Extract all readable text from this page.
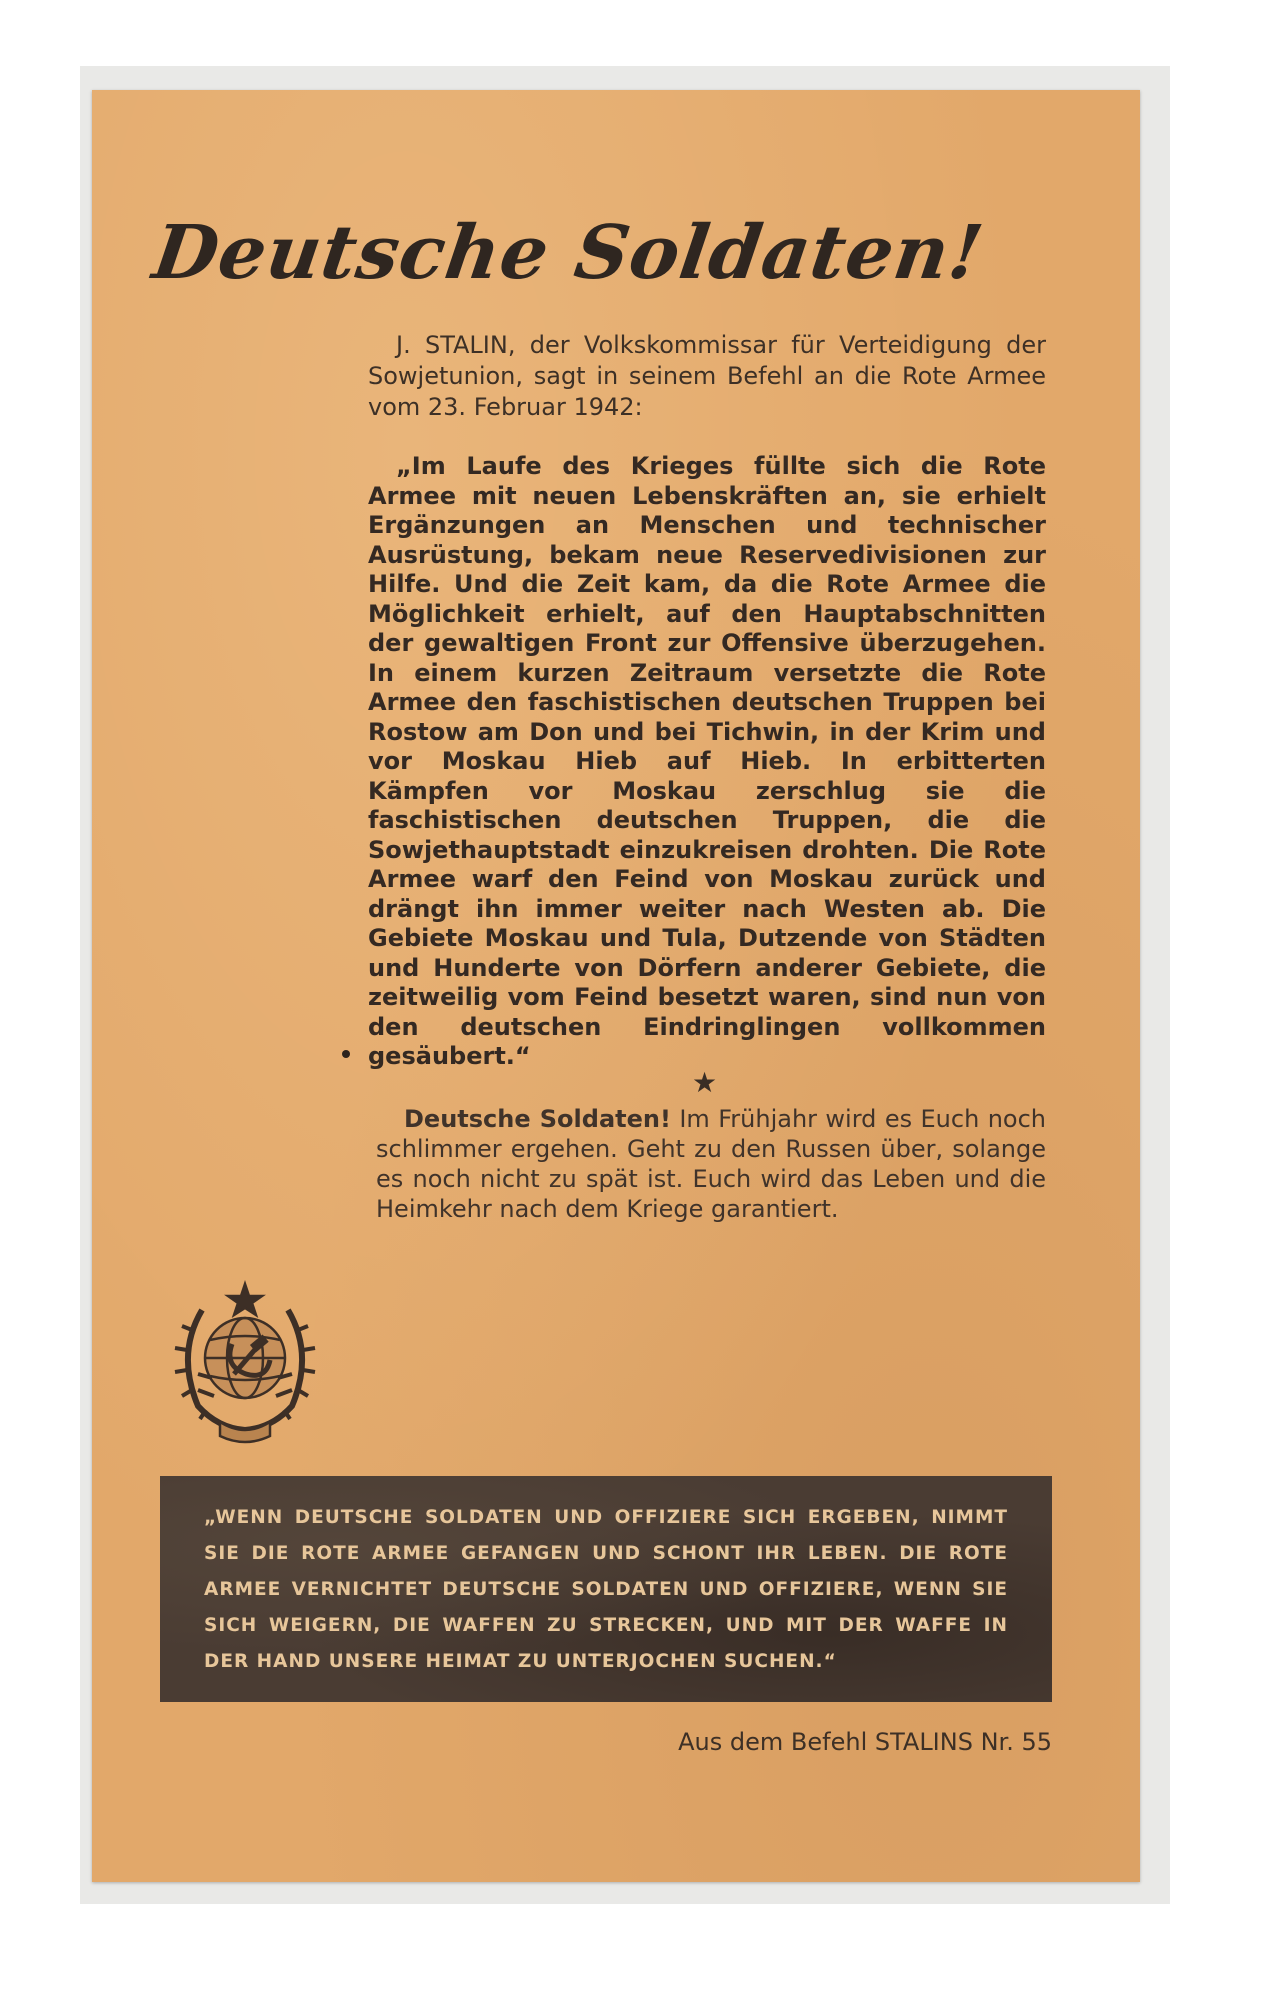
Deutsche Soldaten!

J. STALIN, der Volkskommissar für Verteidigung der Sowjetunion, sagt in seinem Befehl an die Rote Armee vom 23. Februar 1942:

„Im Laufe des Krieges füllte sich die Rote Armee mit neuen Lebenskräften an, sie erhielt Ergänzungen an Menschen und technischer Ausrüstung, bekam neue Reservedivisionen zur Hilfe. Und die Zeit kam, da die Rote Armee die Möglichkeit erhielt, auf den Hauptabschnitten der gewaltigen Front zur Offensive überzugehen. In einem kurzen Zeitraum versetzte die Rote Armee den faschistischen deutschen Truppen bei Rostow am Don und bei Tichwin, in der Krim und vor Moskau Hieb auf Hieb. In erbitterten Kämpfen vor Moskau zerschlug sie die faschistischen deutschen Truppen, die die Sowjethauptstadt einzukreisen drohten. Die Rote Armee warf den Feind von Moskau zurück und drängt ihn immer weiter nach Westen ab. Die Gebiete Moskau und Tula, Dutzende von Städten und Hunderte von Dörfern anderer Gebiete, die zeitweilig vom Feind besetzt waren, sind nun von den deutschen Eindringlingen vollkommen gesäubert.“

★

Deutsche Soldaten! Im Frühjahr wird es Euch noch schlimmer ergehen. Geht zu den Russen über, solange es noch nicht zu spät ist. Euch wird das Leben und die Heimkehr nach dem Kriege garantiert.

„WENN DEUTSCHE SOLDATEN UND OFFIZIERE SICH ERGEBEN, NIMMT SIE DIE ROTE ARMEE GEFANGEN UND SCHONT IHR LEBEN. DIE ROTE ARMEE VERNICHTET DEUTSCHE SOLDATEN UND OFFIZIERE, WENN SIE SICH WEIGERN, DIE WAFFEN ZU STRECKEN, UND MIT DER WAFFE IN DER HAND UNSERE HEIMAT ZU UNTERJOCHEN SUCHEN.“

Aus dem Befehl STALINS Nr. 55
